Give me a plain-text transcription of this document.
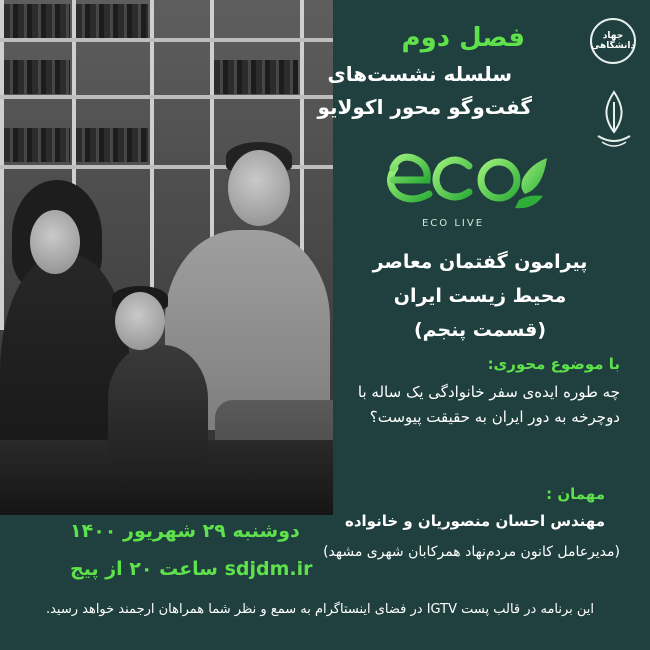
جهاد دانشگاهی
فصل دوم
سلسله نشست‌های
گفت‌وگو محور اکولایو
ECO LIVE
پیرامون گفتمان معاصر
محیط زیست ایران
(قسمت پنجم)
با موضوع محوری:
چه طوره ایده‌ی سفر خانوادگی یک ساله با دوچرخه به دور ایران به حقیقت پیوست؟
مهمان :
مهندس احسان منصوریان و خانواده
(مدیرعامل کانون مردم‌نهاد همرکابان شهری مشهد)
دوشنبه ۲۹ شهریور ۱۴۰۰
sdjdm.ir ساعت ۲۰ از پیج
این برنامه در قالب پست IGTV در فضای اینستاگرام به سمع و نظر شما همراهان ارجمند خواهد رسید.
